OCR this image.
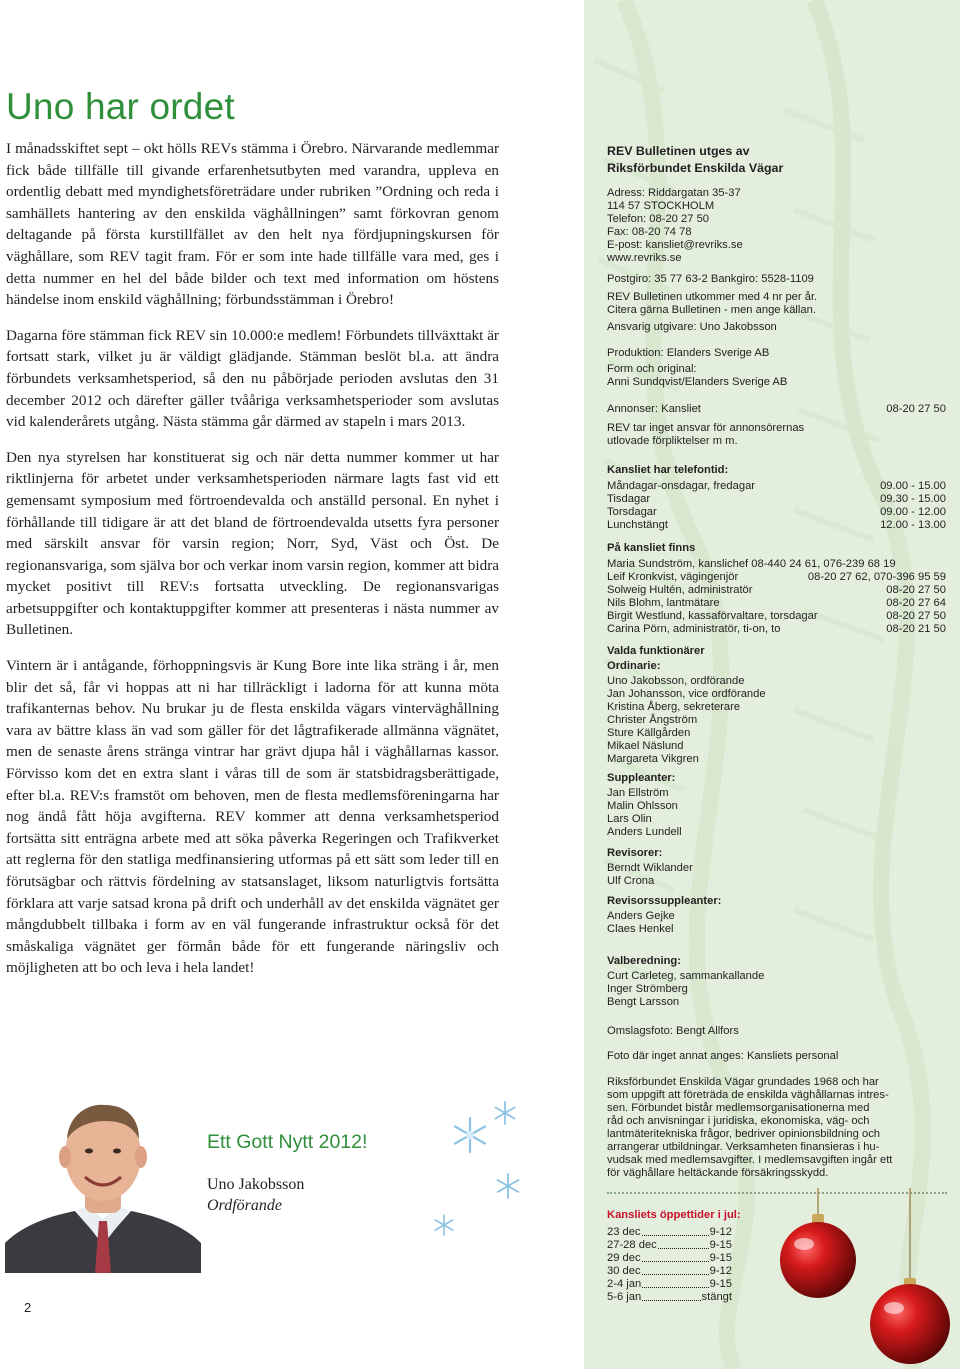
Uno har ordet

I månadsskiftet sept – okt hölls REVs stämma i Örebro. Närvarande medlemmar fick både tillfälle till givande erfarenhetsutbyten med varandra, uppleva en ordentlig debatt med myndighetsföreträdare under rubriken ”Ordning och reda i samhällets hantering av den enskilda väghållningen” samt förkovran genom deltagande på första kurstillfället av den helt nya fördjupningskursen för väghållare, som REV tagit fram. För er som inte hade tillfälle vara med, ges i detta nummer en hel del både bilder och text med information om höstens händelse inom enskild väghållning; förbundsstämman i Örebro!

Dagarna före stämman fick REV sin 10.000:e medlem! Förbundets tillväxttakt är fortsatt stark, vilket ju är väldigt glädjande. Stämman beslöt bl.a. att ändra förbundets verksamhetsperiod, så den nu påbörjade perioden avslutas den 31 december 2012 och därefter gäller tvååriga verksamhetsperioder som avslutas vid kalenderårets utgång. Nästa stämma går därmed av stapeln i mars 2013.

Den nya styrelsen har konstituerat sig och när detta nummer kommer ut har riktlinjerna för arbetet under verksamhetsperioden närmare lagts fast vid ett gemensamt symposium med förtroendevalda och anställd personal. En nyhet i förhållande till tidigare är att det bland de förtroendevalda utsetts fyra personer med särskilt ansvar för varsin region; Norr, Syd, Väst och Öst. De regionansvariga, som själva bor och verkar inom varsin region, kommer att bidra mycket positivt till REV:s fortsatta utveckling. De regionansvarigas arbetsuppgifter och kontaktuppgifter kommer att presenteras i nästa nummer av Bulletinen.

Vintern är i antågande, förhoppningsvis är Kung Bore inte lika sträng i år, men blir det så, får vi hoppas att ni har tillräckligt i ladorna för att kunna möta trafikanternas behov. Nu brukar ju de flesta enskilda vägars vinterväghållning vara av bättre klass än vad som gäller för det lågtrafikerade allmänna vägnätet, men de senaste årens stränga vintrar har grävt djupa hål i väghållarnas kassor. Förvisso kom det en extra slant i våras till de som är statsbidragsberättigade, efter bl.a. REV:s framstöt om behoven, men de flesta medlemsföreningarna har nog ändå fått höja avgifterna. REV kommer att denna verksamhetsperiod fortsätta sitt enträgna arbete med att söka påverka Regeringen och Trafikverket att reglerna för den statliga medfinansiering utformas på ett sätt som leder till en förutsägbar och rättvis fördelning av statsanslaget, liksom naturligtvis fortsätta förklara att varje satsad krona på drift och underhåll av det enskilda vägnätet ger mångdubbelt tillbaka i form av en väl fungerande infrastruktur också för det småskaliga vägnätet ger förmån både för ett fungerande näringsliv och möjligheten att bo och leva i hela landet!

Ett Gott Nytt 2012!
Uno Jakobsson
Ordförande
2
REV Bulletinen utges av
Riksförbundet Enskilda Vägar
Adress: Riddargatan 35-37
114 57 STOCKHOLM
Telefon: 08-20 27 50
Fax: 08-20 74 78
E-post: kansliet@revriks.se
www.revriks.se
Postgiro: 35 77 63-2 Bankgiro: 5528-1109
REV Bulletinen utkommer med 4 nr per år.
Citera gärna Bulletinen - men ange källan.
Ansvarig utgivare: Uno Jakobsson
Produktion: Elanders Sverige AB
Form och original:
Anni Sundqvist/Elanders Sverige AB
Annonser: Kansliet	08-20 27 50
REV tar inget ansvar för annonsörernas
utlovade förpliktelser m m.
Kansliet har telefontid:
Måndagar-onsdagar, fredagar	09.00 - 15.00
Tisdagar	09.30 - 15.00
Torsdagar	09.00 - 12.00
Lunchstängt	12.00 - 13.00
På kansliet finns
Maria Sundström, kanslichef 08-440 24 61, 076-239 68 19
Leif Kronkvist, vägingenjör	08-20 27 62, 070-396 95 59
Solweig Hultén, administratör	08-20 27 50
Nils Blohm, lantmätare	08-20 27 64
Birgit Westlund, kassaförvaltare, torsdagar	08-20 27 50
Carina Pörn, administratör, ti-on, to	08-20 21 50
Valda funktionärer
Ordinarie:
Uno Jakobsson, ordförande
Jan Johansson, vice ordförande
Kristina Åberg, sekreterare
Christer Ångström
Sture Källgården
Mikael Näslund
Margareta Vikgren
Suppleanter:
Jan Ellström
Malin Ohlsson
Lars Olin
Anders Lundell
Revisorer:
Berndt Wiklander
Ulf Crona
Revisorssuppleanter:
Anders Gejke
Claes Henkel
Valberedning:
Curt Carleteg, sammankallande
Inger Strömberg
Bengt Larsson
Omslagsfoto: Bengt Allfors
Foto där inget annat anges: Kansliets personal
Riksförbundet Enskilda Vägar grundades 1968 och har
som uppgift att företräda de enskilda väghållarnas intres-
sen. Förbundet bistår medlemsorganisationerna med
råd och anvisningar i juridiska, ekonomiska, väg- och
lantmäteritekniska frågor, bedriver opinionsbildning och
arrangerar utbildningar. Verksamheten finansieras i hu-
vudsak med medlemsavgifter. I medlemsavgiften ingår ett
för väghållare heltäckande försäkringsskydd.
Kansliets öppettider i jul:
23 dec	9-12
27-28 dec	9-15
29 dec	9-15
30 dec	9-12
2-4 jan	9-15
5-6 jan	stängt
